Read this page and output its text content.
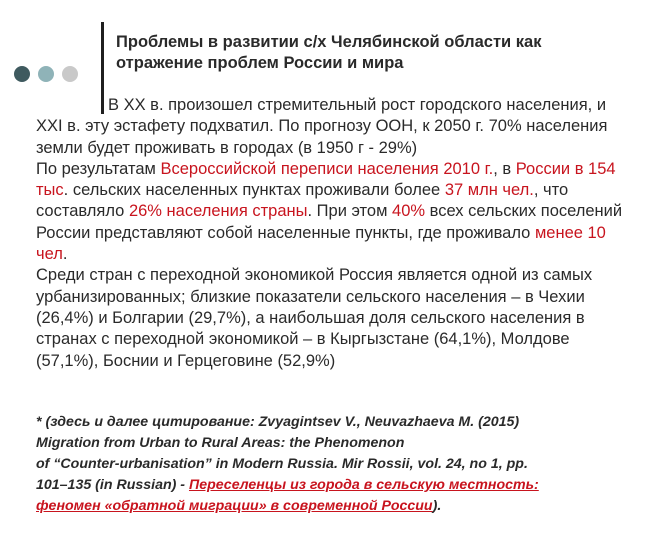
Проблемы в развитии с/х Челябинской области как
отражение проблем России и мира

В ХХ в. произошел стремительный рост городского населения, и XXI в. эту эстафету подхватил. По прогнозу ООН, к 2050 г. 70% населения земли будет проживать в городах (в 1950 г - 29%)

По результатам Всероссийской переписи населения 2010 г., в России в 154 тыс. сельских населенных пунктах проживали более 37 млн чел., что составляло 26% населения страны. При этом 40% всех сельских поселений России представляют собой населенные пункты, где проживало менее 10 чел.

Среди стран с переходной экономикой Россия является одной из самых урбанизированных; близкие показатели сельского населения – в Чехии (26,4%) и Болгарии (29,7%), а наибольшая доля сельского населения в странах с переходной экономикой – в Кыргызстане (64,1%), Молдове (57,1%), Боснии и Герцеговине (52,9%)

* (здесь и далее цитирование: Zvyagintsev V., Neuvazhaeva M. (2015)
Migration from Urban to Rural Areas: the Phenomenon
of “Counter-urbanisation” in Modern Russia. Mir Rossii, vol. 24, no 1, pp.
101–135 (in Russian) - Переселенцы из города в сельскую местность:
феномен «обратной миграции» в современной России).
